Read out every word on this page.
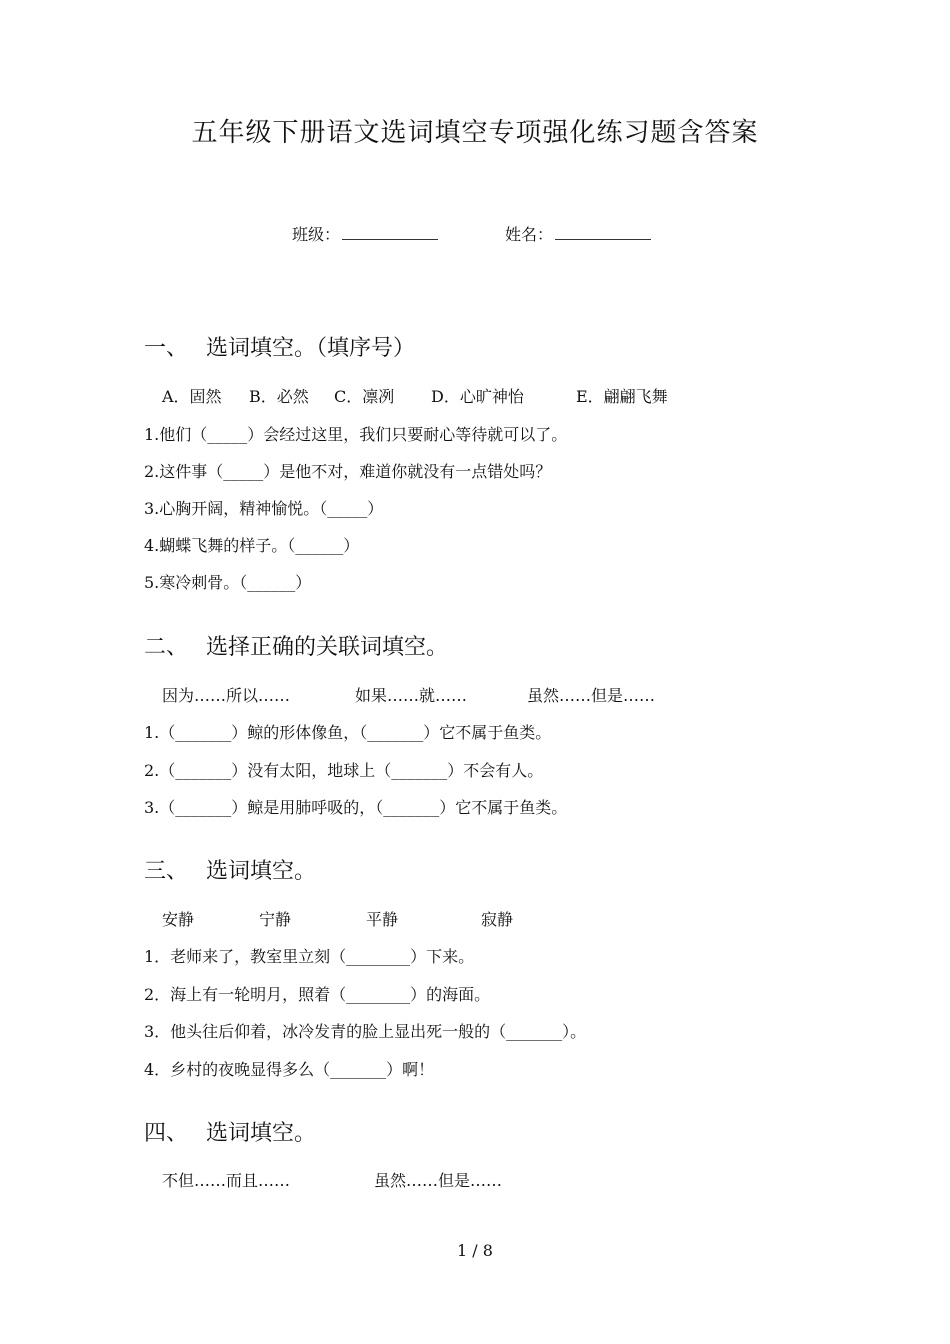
五年级下册语文选词填空专项强化练习题含答案
班级：	姓名：
一、 选词填空。（填序号）
A．固然 B．必然 C．凛冽 D．心旷神怡	E．翩翩飞舞
1.他们（_____）会经过这里，我们只要耐心等待就可以了。
2.这件事（_____）是他不对，难道你就没有一点错处吗？
3.心胸开阔，精神愉悦。（_____）
4.蝴蝶飞舞的样子。（______）
5.寒冷刺骨。（______）
二、 选择正确的关联词填空。
因为……所以……	如果……就……	虽然……但是……
1.（_______）鲸的形体像鱼，（_______）它不属于鱼类。
2.（_______）没有太阳，地球上（_______）不会有人。
3.（_______）鲸是用肺呼吸的，（_______）它不属于鱼类。
三、 选词填空。
安静	宁静	平静	寂静
1．老师来了，教室里立刻（________）下来。
2．海上有一轮明月，照着（________）的海面。
3．他头往后仰着，冰冷发青的脸上显出死一般的（_______）。
4．乡村的夜晚显得多么（_______）啊！
四、 选词填空。
不但……而且……	虽然……但是……
1 / 8
